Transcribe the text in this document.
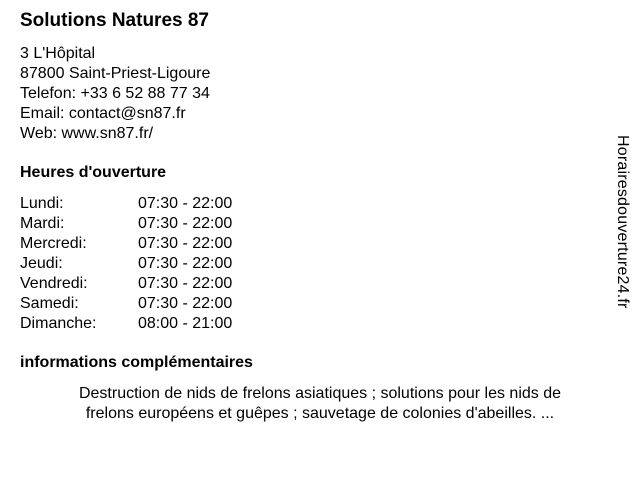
Solutions Natures 87
3 L'Hôpital
87800 Saint-Priest-Ligoure
Telefon: +33 6 52 88 77 34
Email: contact@sn87.fr
Web: www.sn87.fr/
Heures d'ouverture
Lundi:	07:30 - 22:00
Mardi:	07:30 - 22:00
Mercredi:	07:30 - 22:00
Jeudi:	07:30 - 22:00
Vendredi:	07:30 - 22:00
Samedi:	07:30 - 22:00
Dimanche:	08:00 - 21:00
informations complémentaires
Destruction de nids de frelons asiatiques ; solutions pour les nids de
frelons européens et guêpes ; sauvetage de colonies d'abeilles. ...
Horairesdouverture24.fr
